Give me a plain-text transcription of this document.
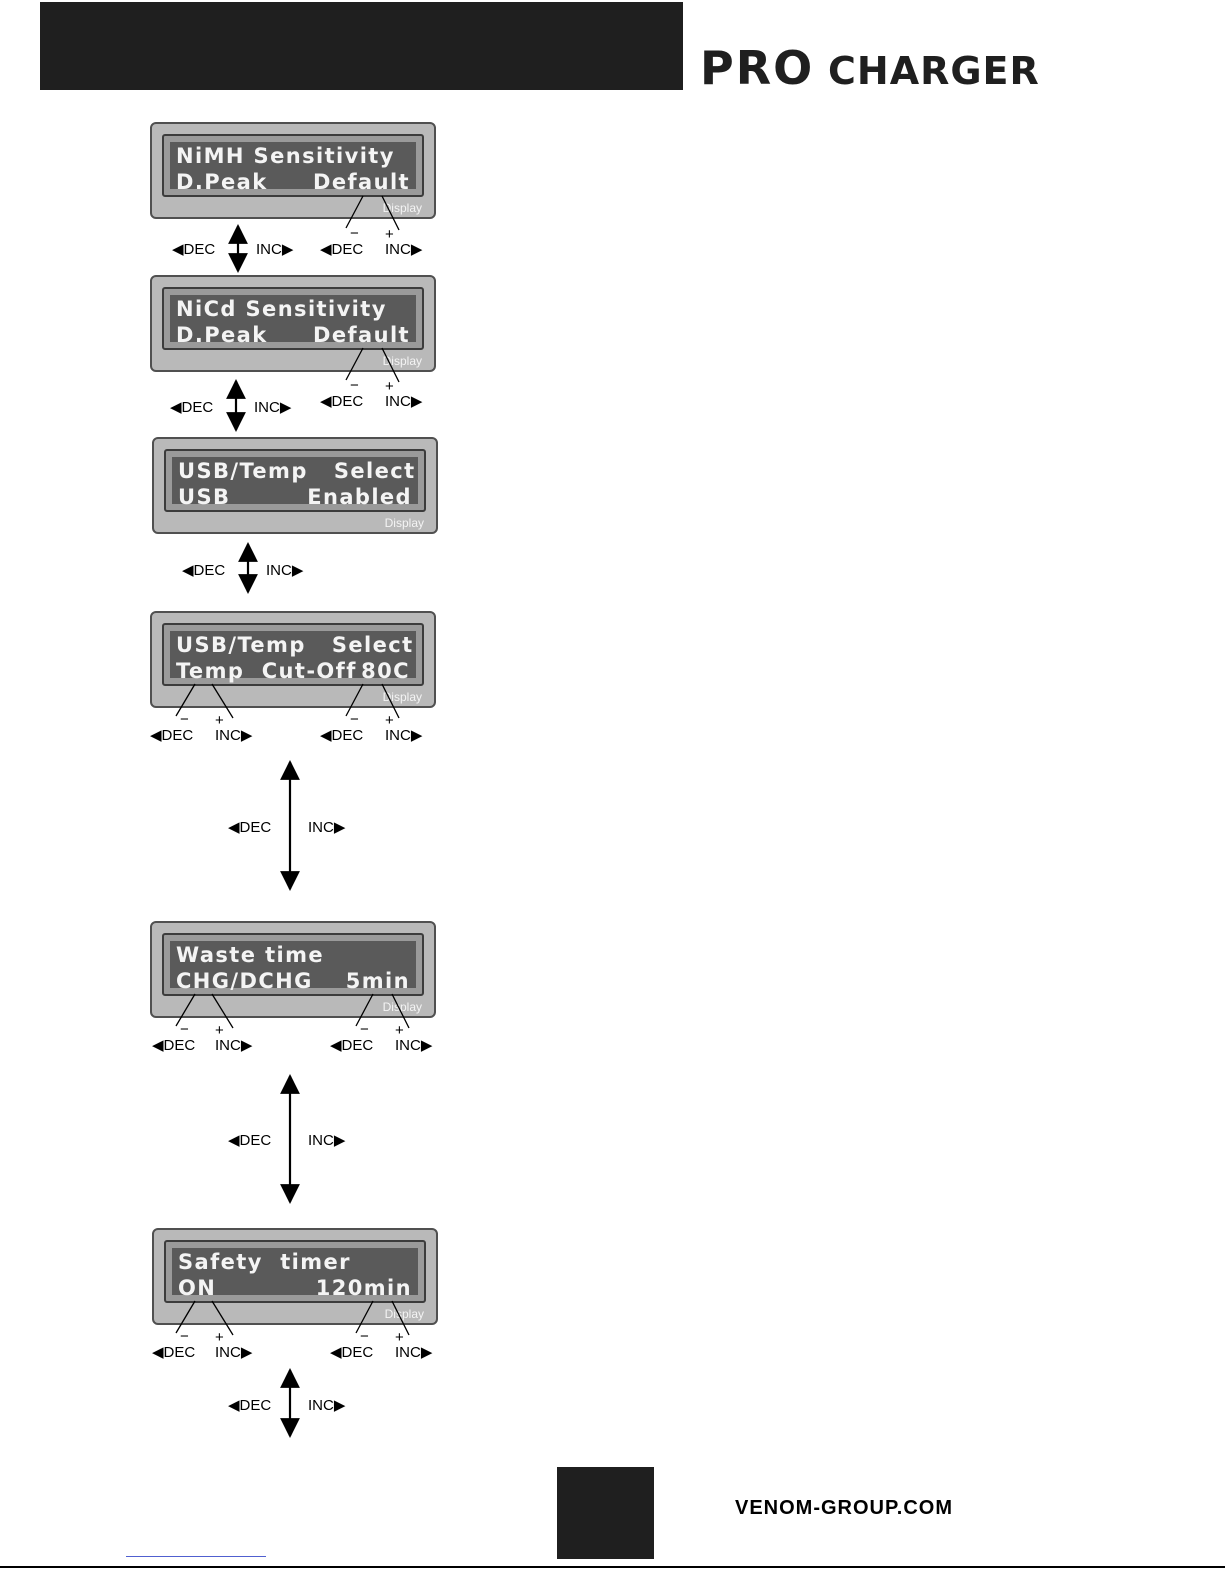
PRO CHARGER
NiMH Sensitivity
D.Peak Default
Display
NiCd Sensitivity
D.Peak Default
Display
USB/Temp   Select
USB	Enabled
Display
USB/Temp   Select
Temp  Cut-Off 80C
Display
Waste time
CHG/DCHG 5min
Display
Safety  timer
ON	120min
Display
− +
◀DEC INC▶
◀DEC	INC▶
− +
◀DEC INC▶
◀DEC	INC▶
◀DEC	INC▶
− +
◀DEC INC▶
− +
◀DEC INC▶
◀DEC INC▶
− +
◀DEC INC▶
− +
◀DEC INC▶
◀DEC INC▶
− +
◀DEC INC▶
− +
◀DEC INC▶
◀DEC INC▶
VENOM-GROUP.COM
